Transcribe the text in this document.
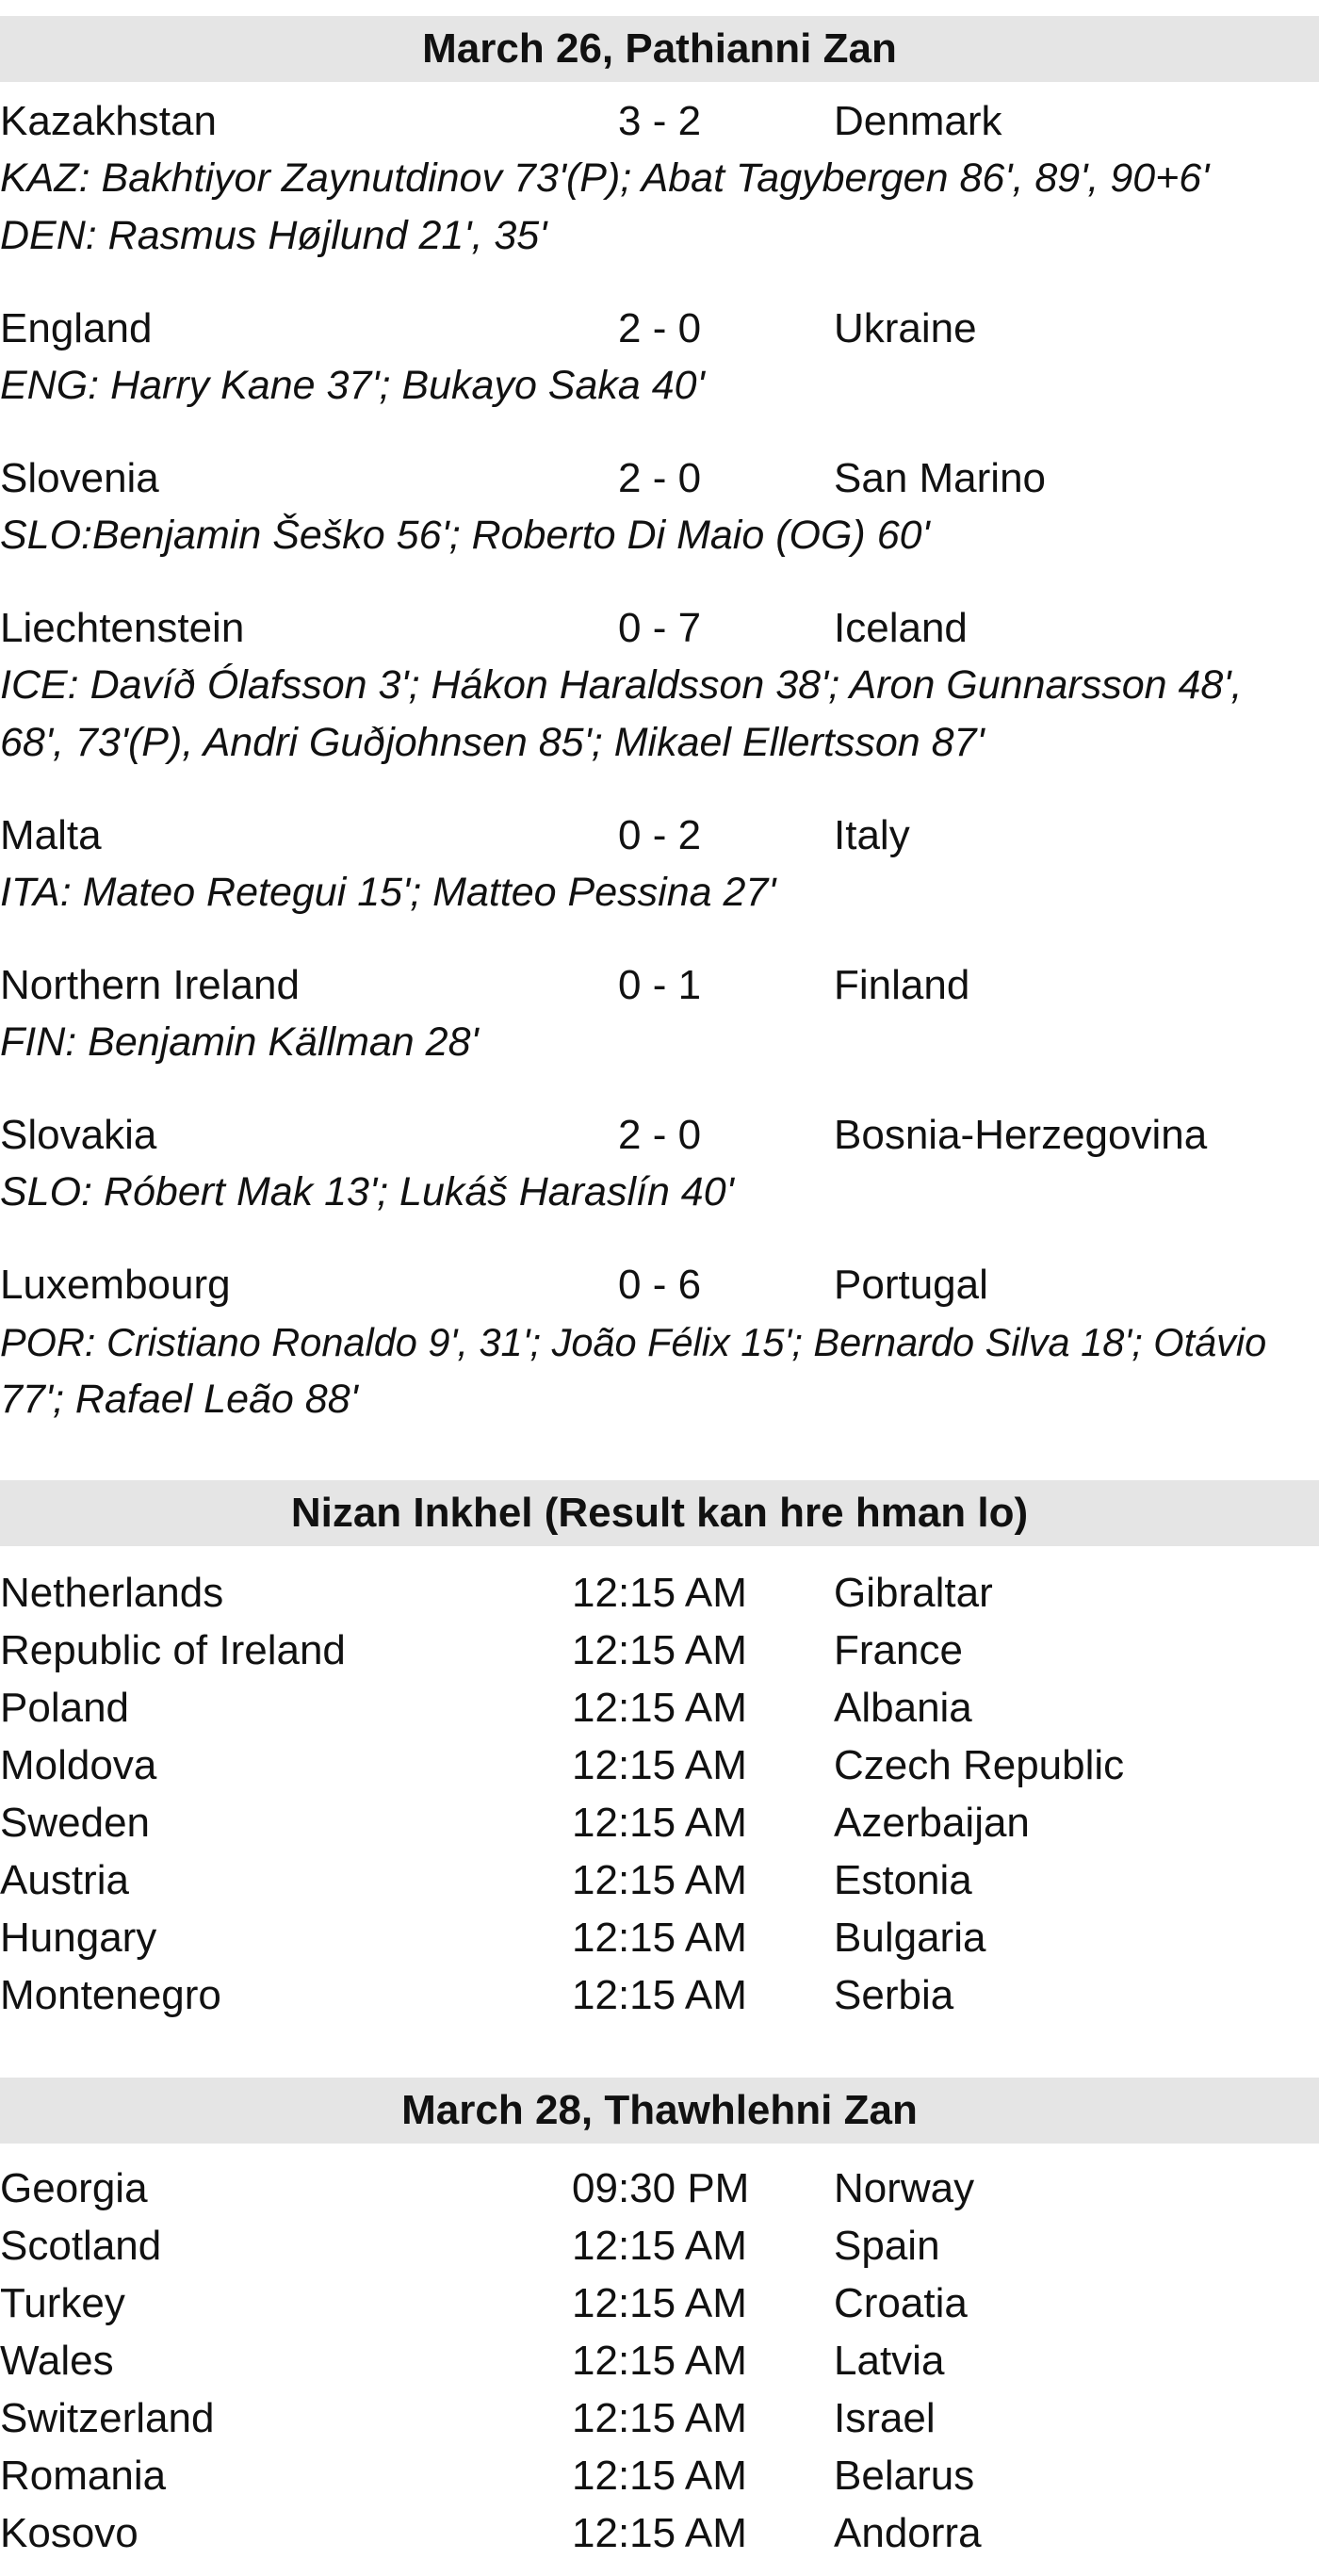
March 26, Pathianni Zan
Kazakhstan	3 - 2	Denmark
KAZ: Bakhtiyor Zaynutdinov 73'(P); Abat Tagybergen 86', 89', 90+6'
DEN: Rasmus Højlund 21', 35'
England	2 - 0	Ukraine
ENG: Harry Kane 37'; Bukayo Saka 40'
Slovenia	2 - 0	San Marino
SLO:Benjamin Šeško 56'; Roberto Di Maio (OG) 60'
Liechtenstein	0 - 7	Iceland
ICE: Davíð Ólafsson 3'; Hákon Haraldsson 38'; Aron Gunnarsson 48',
68', 73'(P), Andri Guðjohnsen 85'; Mikael Ellertsson 87'
Malta	0 - 2	Italy
ITA: Mateo Retegui 15'; Matteo Pessina 27'
Northern Ireland	0 - 1	Finland
FIN: Benjamin Källman 28'
Slovakia	2 - 0	Bosnia-Herzegovina
SLO: Róbert Mak 13'; Lukáš Haraslín 40'
Luxembourg	0 - 6	Portugal
POR: Cristiano Ronaldo 9', 31'; João Félix 15'; Bernardo Silva 18'; Otávio
77'; Rafael Leão 88'
Nizan Inkhel (Result kan hre hman lo)
Netherlands	12:15 AM Gibraltar
Republic of Ireland	12:15 AM France
Poland	12:15 AM Albania
Moldova	12:15 AM Czech Republic
Sweden	12:15 AM Azerbaijan
Austria	12:15 AM Estonia
Hungary	12:15 AM Bulgaria
Montenegro	12:15 AM Serbia
March 28, Thawhlehni Zan
Georgia	09:30 PM Norway
Scotland	12:15 AM Spain
Turkey	12:15 AM Croatia
Wales	12:15 AM Latvia
Switzerland	12:15 AM Israel
Romania	12:15 AM Belarus
Kosovo	12:15 AM Andorra
